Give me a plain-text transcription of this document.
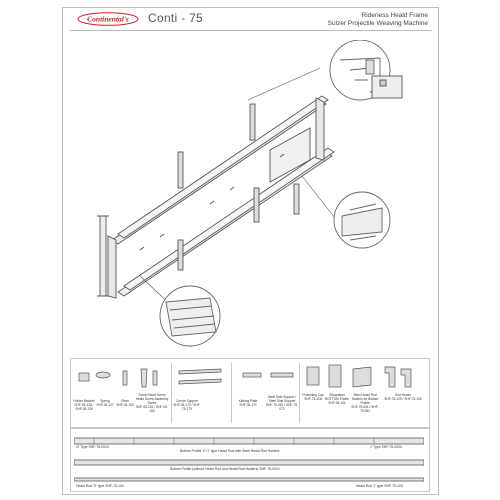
Continental's Conti - 75	Rideriess Heald Frame
Sulzer Projectile Weaving Machine
Holder Bracket
SHF-05-138 / SHF-05-139
Spring
SHF-05-127
Rivet
SHF-05-150
Screw Head Screw Heald Screw Assembly Screw
SHF-05-151 / SHF-05-152
Centre Support
SHF-05-172 / SHF-75-179
Kinking Plate
SHF-05-170
Steel Side Support / Steel Side Support
SHF-75-052 / SHF-75-072
Protecting Cap
SHF-75-308
Separators BOTTOM Profile
SHF-05-141
Steel Heald Rod Holders for Bottom Profile
SHF-75-051 / SHF-75-053
End Hooks
SHF-75-129 / SHF-75-130
O' Type SHF-75-0024	J' Type SHF-75-0024
Bottom Profile 'C'/'J' type Heald Rod with Steel Heald Rod Holders
Bottom Profile (without Heald Rod and Heald Rod Holders) SHF-75-0024
Heald Rod 'O' type SHF-75-104	Heald Rod 'J' type SHF-75-103
